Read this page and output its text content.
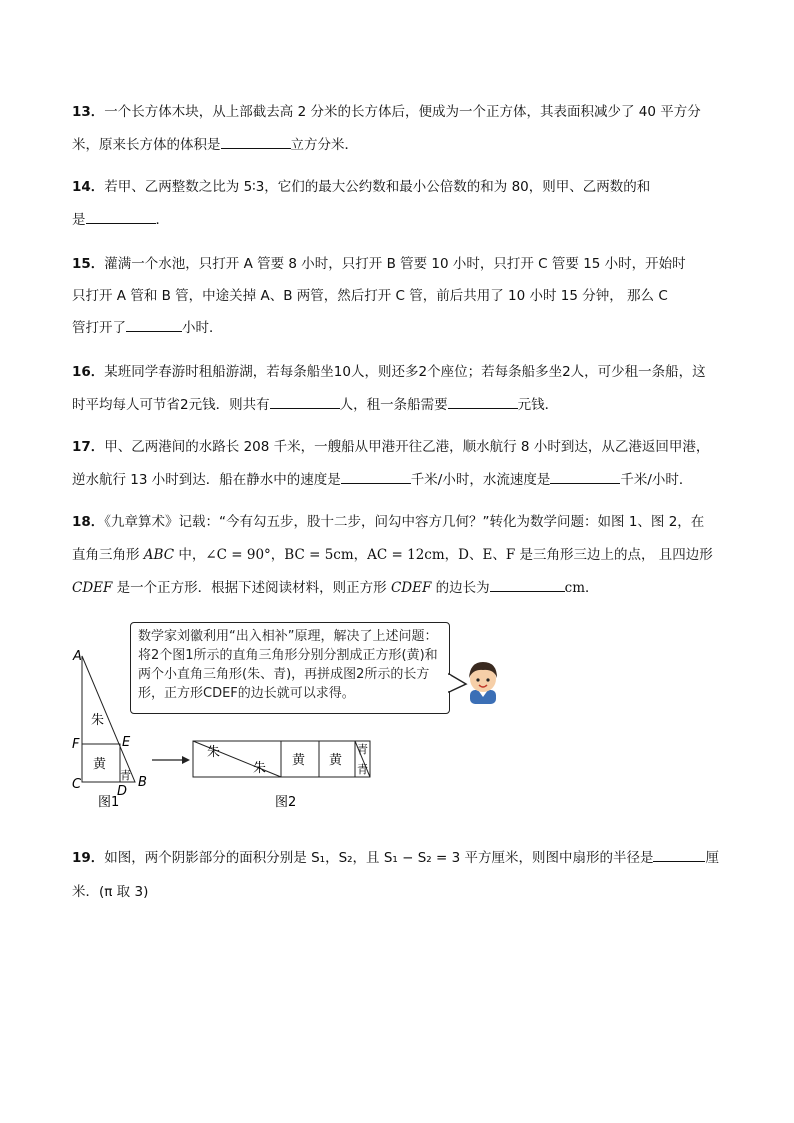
13．一个长方体木块，从上部截去高 2 分米的长方体后，便成为一个正方体，其表面积减少了 40 平方分
米，原来长方体的体积是	立方分米．
14．若甲、乙两整数之比为 5∶3，它们的最大公约数和最小公倍数的和为 80，则甲、乙两数的和
是	．
15．灌满一个水池，只打开 A 管要 8 小时，只打开 B 管要 10 小时，只打开 C 管要 15 小时，开始时
只打开 A 管和 B 管，中途关掉 A、B 两管，然后打开 C 管，前后共用了 10 小时 15 分钟， 那么 C
管打开了	小时．
16．某班同学春游时租船游湖，若每条船坐10人，则还多2个座位；若每条船多坐2人，可少租一条船，这
时平均每人可节省2元钱．则共有	人，租一条船需要	元钱．
17．甲、乙两港间的水路长 208 千米，一艘船从甲港开往乙港，顺水航行 8 小时到达，从乙港返回甲港，
逆水航行 13 小时到达．船在静水中的速度是	千米/小时，水流速度是	千米/小时．
18．《九章算术》记载：“今有勾五步，股十二步，问勾中容方几何？”转化为数学问题：如图 1、图 2，在
直角三角形 ABC 中，∠C = 90°，BC = 5cm，AC = 12cm，D、E、F 是三角形三边上的点， 且四边形
CDEF 是一个正方形．根据下述阅读材料，则正方形 CDEF 的边长为	cm．
数学家刘徽利用“出入相补”原理，解决了上述问题：将2个图1所示的直角三角形分别分割成正方形(黄)和两个小直角三角形(朱、青)，再拼成图2所示的长方形，正方形CDEF的边长就可以求得。
A
F
C	D
E
B
朱
黄
青
图1
朱
朱
黄 黄
青
青
图2
19．如图，两个阴影部分的面积分别是 S₁，S₂，且 S₁ − S₂ = 3 平方厘米，则图中扇形的半径是	厘
米．(π 取 3)
